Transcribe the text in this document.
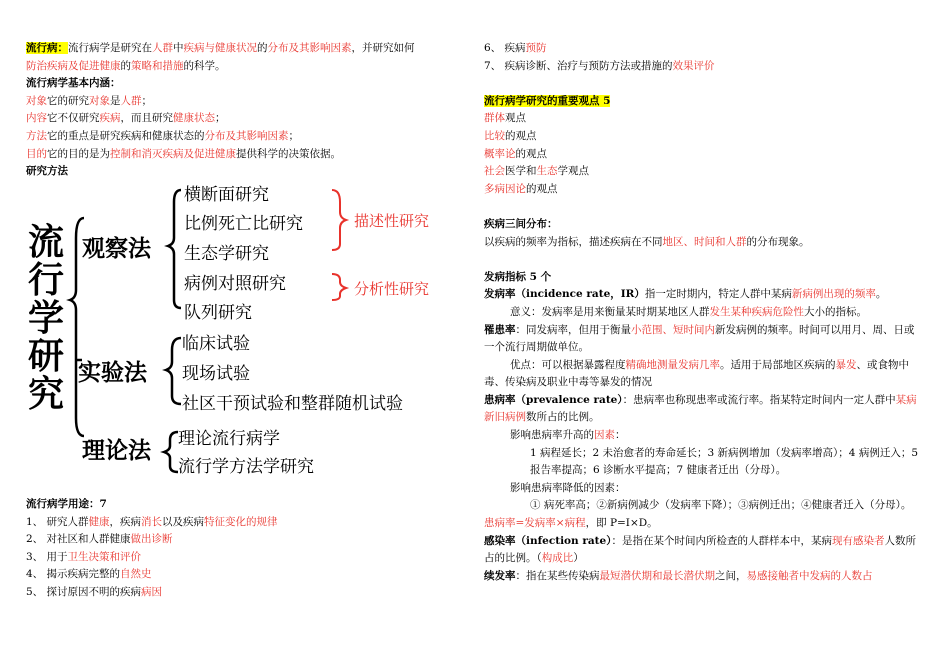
流行病：流行病学是研究在人群中疾病与健康状况的分布及其影响因素，并研究如何
防治疾病及促进健康的策略和措施的科学。
流行病学基本内涵：
对象它的研究对象是人群；
内容它不仅研究疾病，而且研究健康状态；
方法它的重点是研究疾病和健康状态的分布及其影响因素；
目的它的目的是为控制和消灭疾病及促进健康提供科学的决策依据。
研究方法
流
行
学
研
究
观察法
实验法
理论法
横断面研究
比例死亡比研究
生态学研究
病例对照研究
队列研究
临床试验
现场试验
社区干预试验和整群随机试验
理论流行病学
流行学方法学研究
描述性研究
分析性研究
流行病学用途：7
1、 研究人群健康，疾病消长以及疾病特征变化的规律
2、 对社区和人群健康做出诊断
3、 用于卫生决策和评价
4、 揭示疾病完整的自然史
5、 探讨原因不明的疾病病因
6、 疾病预防
7、 疾病诊断、治疗与预防方法或措施的效果评价
流行病学研究的重要观点 5
群体观点
比较的观点
概率论的观点
社会医学和生态学观点
多病因论的观点
疾病三间分布：
以疾病的频率为指标，描述疾病在不同地区、时间和人群的分布现象。
发病指标 5 个
发病率（incidence rate，IR）指一定时期内，特定人群中某病新病例出现的频率。
意义：发病率是用来衡量某时期某地区人群发生某种疾病危险性大小的指标。
罹患率：同发病率，但用于衡量小范围、短时间内新发病例的频率。时间可以用月、周、日或一个流行周期做单位。
优点：可以根据暴露程度精确地测量发病几率。适用于局部地区疾病的暴发、或食物中毒、传染病及职业中毒等暴发的情况
患病率（prevalence rate）：患病率也称现患率或流行率。指某特定时间内一定人群中某病新旧病例数所占的比例。
影响患病率升高的因素：
1 病程延长；2 未治愈者的寿命延长；3 新病例增加（发病率增高）；4 病例迁入；5 报告率提高；6 诊断水平提高；7 健康者迁出（分母）。
影响患病率降低的因素：
① 病死率高；②新病例减少（发病率下降）；③病例迁出；④健康者迁入（分母）。
患病率=发病率×病程，即 P=I×D。
感染率（infection rate）：是指在某个时间内所检查的人群样本中，某病现有感染者人数所占的比例。（构成比）
续发率：指在某些传染病最短潜伏期和最长潜伏期之间，易感接触者中发病的人数占
